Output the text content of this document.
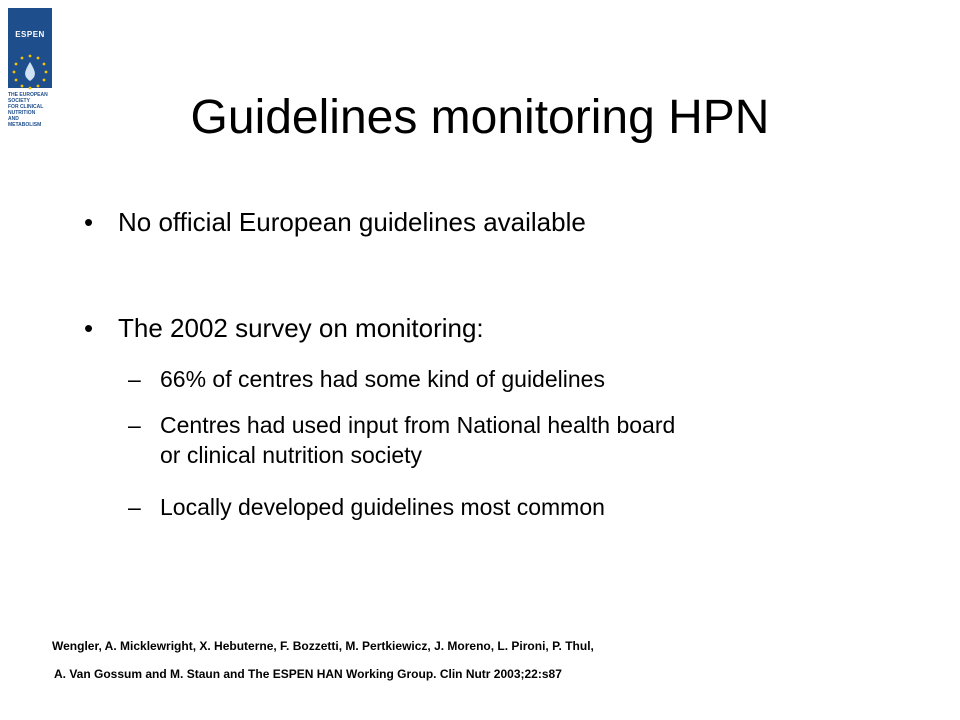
ESPEN
THE EUROPEAN
SOCIETY
FOR CLINICAL
NUTRITION
AND
METABOLISM	Guidelines monitoring HPN
• No official European guidelines available
• The 2002 survey on monitoring:
– 66% of centres had some kind of guidelines
– Centres had used input from National health board
or clinical nutrition society
– Locally developed guidelines most common
Wengler, A. Micklewright, X. Hebuterne, F. Bozzetti, M. Pertkiewicz, J. Moreno, L. Pironi, P. Thul,
A. Van Gossum and M. Staun and The ESPEN HAN Working Group. Clin Nutr 2003;22:s87
